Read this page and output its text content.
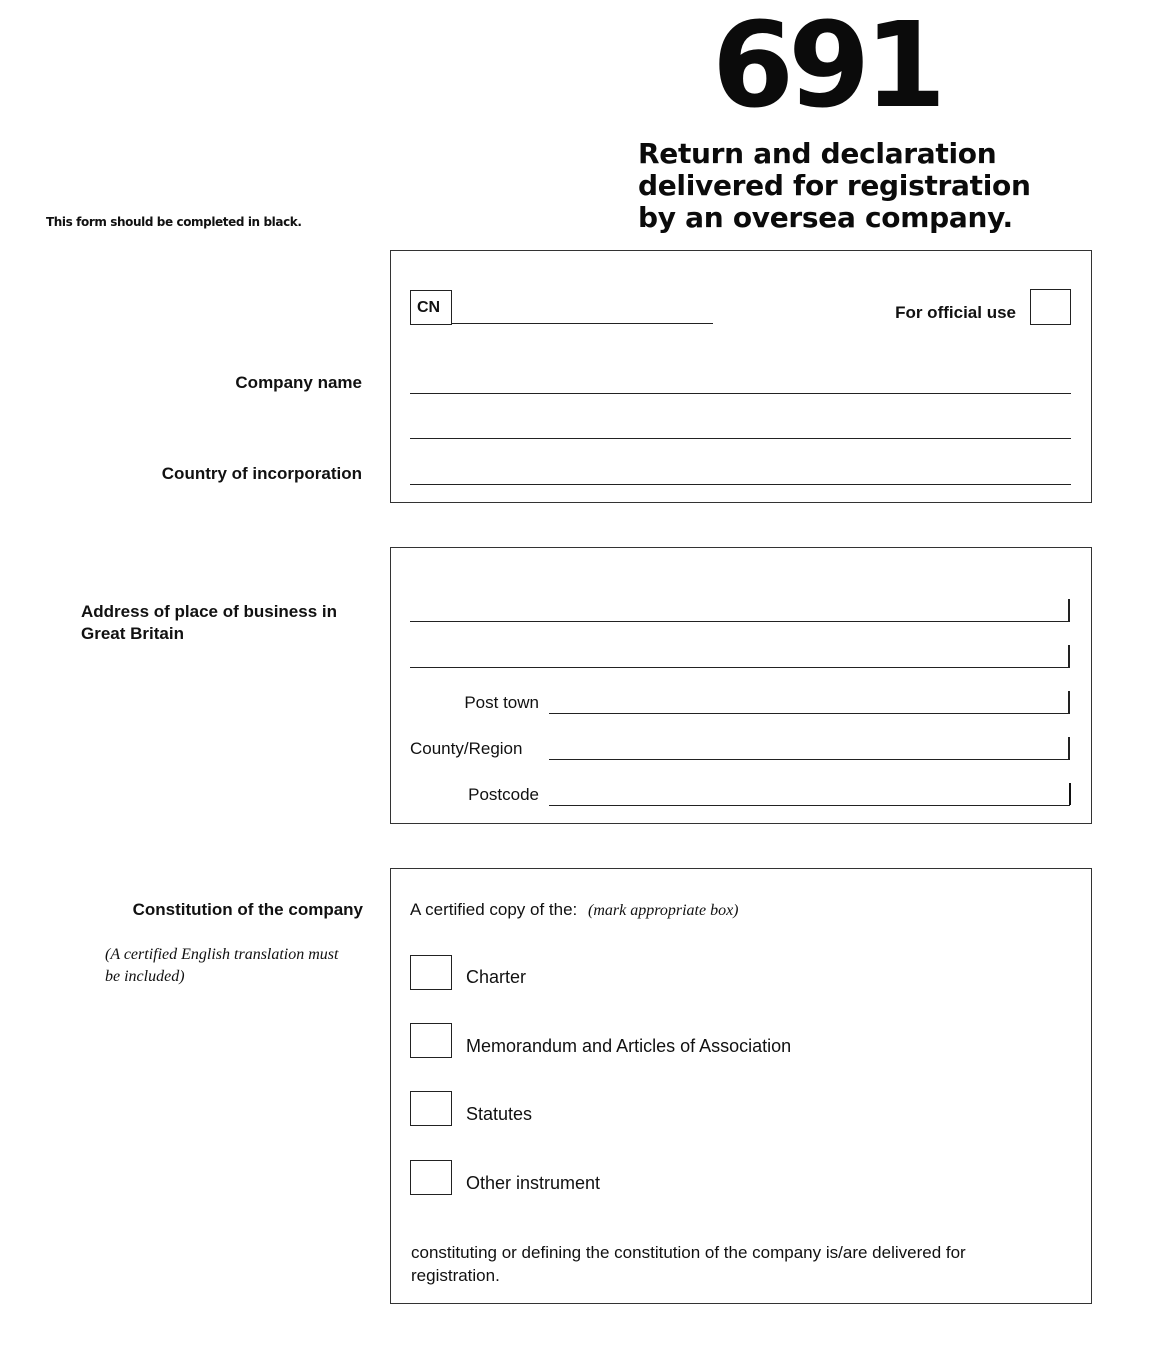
691
Return and declaration
delivered for registration
by an oversea company.
This form should be completed in black.
Company name
Country of incorporation
CN	For official use
Address of place of business in
Great Britain
Post town
County/Region
Postcode
Constitution of the company
(A certified English translation must
be included)
A certified copy of the: (mark appropriate box)
Charter
Memorandum and Articles of Association
Statutes
Other instrument
constituting or defining the constitution of the company is/are delivered for
registration.
